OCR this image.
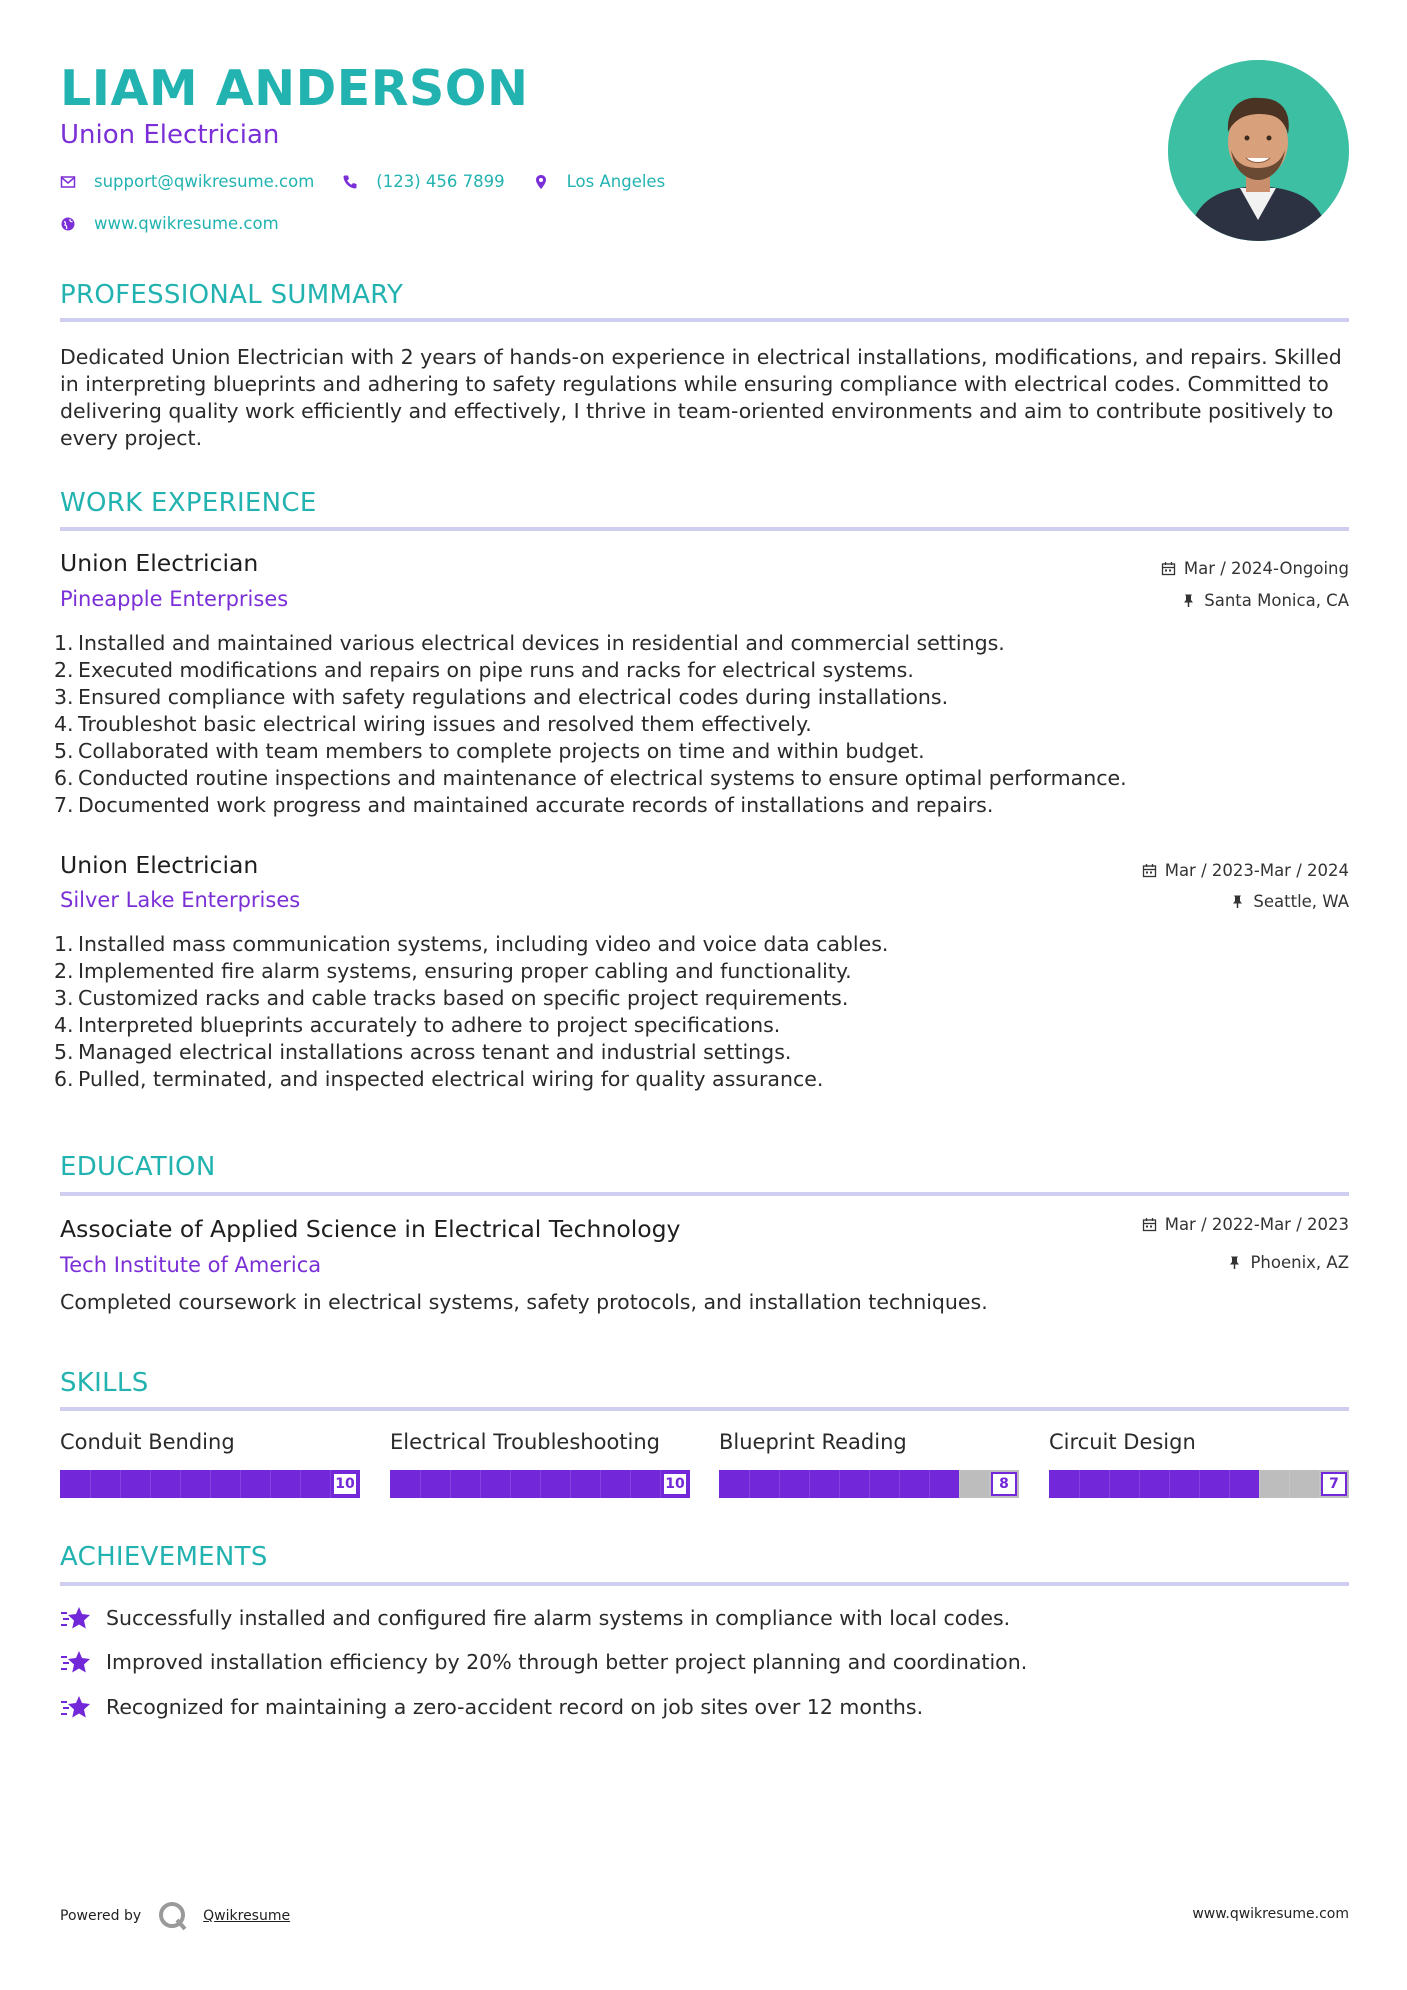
LIAM ANDERSON
Union Electrician
support@qwikresume.com	(123) 456 7899	Los Angeles
www.qwikresume.com
PROFESSIONAL SUMMARY
Dedicated Union Electrician with 2 years of hands-on experience in electrical installations, modifications, and repairs. Skilled in interpreting blueprints and adhering to safety regulations while ensuring compliance with electrical codes. Committed to delivering quality work efficiently and effectively, I thrive in team-oriented environments and aim to contribute positively to every project.
WORK EXPERIENCE
Union Electrician
Pineapple Enterprises
Mar / 2024-Ongoing
Santa Monica, CA
1. Installed and maintained various electrical devices in residential and commercial settings.
2. Executed modifications and repairs on pipe runs and racks for electrical systems.
3. Ensured compliance with safety regulations and electrical codes during installations.
4. Troubleshot basic electrical wiring issues and resolved them effectively.
5. Collaborated with team members to complete projects on time and within budget.
6. Conducted routine inspections and maintenance of electrical systems to ensure optimal performance.
7. Documented work progress and maintained accurate records of installations and repairs.
Union Electrician
Silver Lake Enterprises
Mar / 2023-Mar / 2024
Seattle, WA
1. Installed mass communication systems, including video and voice data cables.
2. Implemented fire alarm systems, ensuring proper cabling and functionality.
3. Customized racks and cable tracks based on specific project requirements.
4. Interpreted blueprints accurately to adhere to project specifications.
5. Managed electrical installations across tenant and industrial settings.
6. Pulled, terminated, and inspected electrical wiring for quality assurance.
EDUCATION
Associate of Applied Science in Electrical Technology
Tech Institute of America
Mar / 2022-Mar / 2023
Phoenix, AZ
Completed coursework in electrical systems, safety protocols, and installation techniques.
SKILLS
Conduit Bending
10
Electrical Troubleshooting
10
Blueprint Reading
8
Circuit Design
7
ACHIEVEMENTS
Successfully installed and configured fire alarm systems in compliance with local codes.
Improved installation efficiency by 20% through better project planning and coordination.
Recognized for maintaining a zero-accident record on job sites over 12 months.
Powered by	Qwikresume	www.qwikresume.com
